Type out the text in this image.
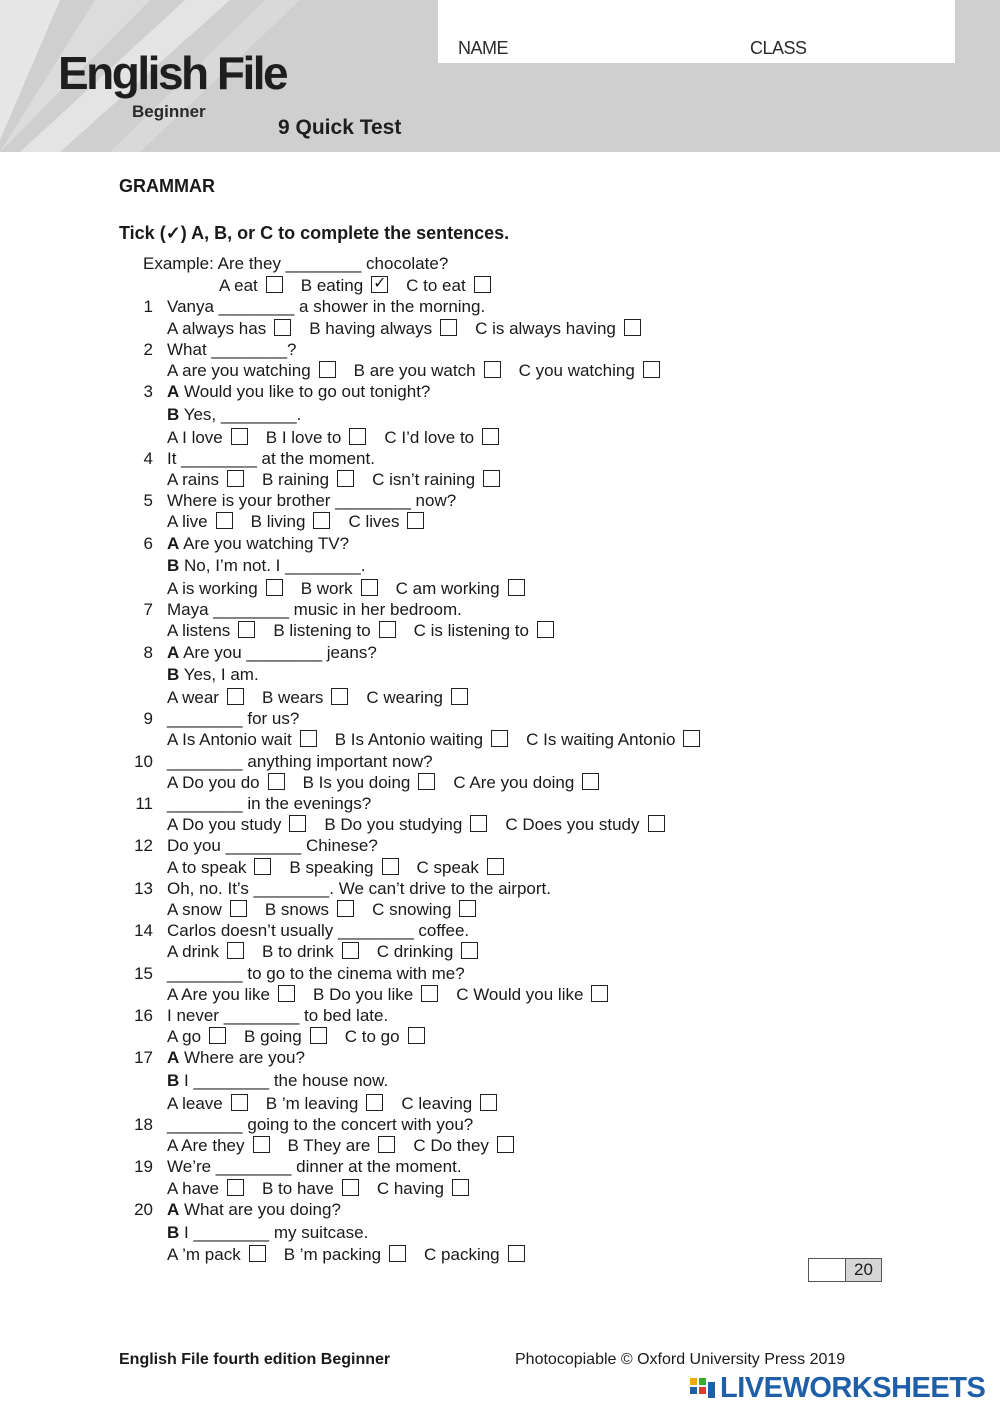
NAME	CLASS
English File
Beginner
9 Quick Test
GRAMMAR
Tick (✓) A, B, or C to complete the sentences.
Example: Are they ________ chocolate?
A eat	B eating✓	C to eat
1 Vanya ________ a shower in the morning.
A always has	B having always	C is always having
2 What ________?
A are you watching	B are you watch	C you watching
3 A Would you like to go out tonight?
B Yes, ________.
A I love	B I love to	C I’d love to
4 It ________ at the moment.
A rains	B raining	C isn’t raining
5 Where is your brother ________ now?
A live	B living	C lives
6 A Are you watching TV?
B No, I’m not. I ________.
A is working	B work	C am working
7 Maya ________ music in her bedroom.
A listens	B listening to	C is listening to
8 A Are you ________ jeans?
B Yes, I am.
A wear	B wears	C wearing
9 ________ for us?
A Is Antonio wait	B Is Antonio waiting	C Is waiting Antonio
10 ________ anything important now?
A Do you do	B Is you doing	C Are you doing
11 ________ in the evenings?
A Do you study	B Do you studying	C Does you study
12 Do you ________ Chinese?
A to speak	B speaking	C speak
13 Oh, no. It’s ________. We can’t drive to the airport.
A snow	B snows	C snowing
14 Carlos doesn’t usually ________ coffee.
A drink	B to drink	C drinking
15 ________ to go to the cinema with me?
A Are you like	B Do you like	C Would you like
16 I never ________ to bed late.
A go	B going	C to go
17 A Where are you?
B I ________ the house now.
A leave	B ’m leaving	C leaving
18 ________ going to the concert with you?
A Are they	B They are	C Do they
19 We’re ________ dinner at the moment.
A have	B to have	C having
20 A What are you doing?
B I ________ my suitcase.
A ’m pack	B ’m packing	C packing
20
English File fourth edition Beginner	Photocopiable © Oxford University Press 2019
LIVEWORKSHEETS
